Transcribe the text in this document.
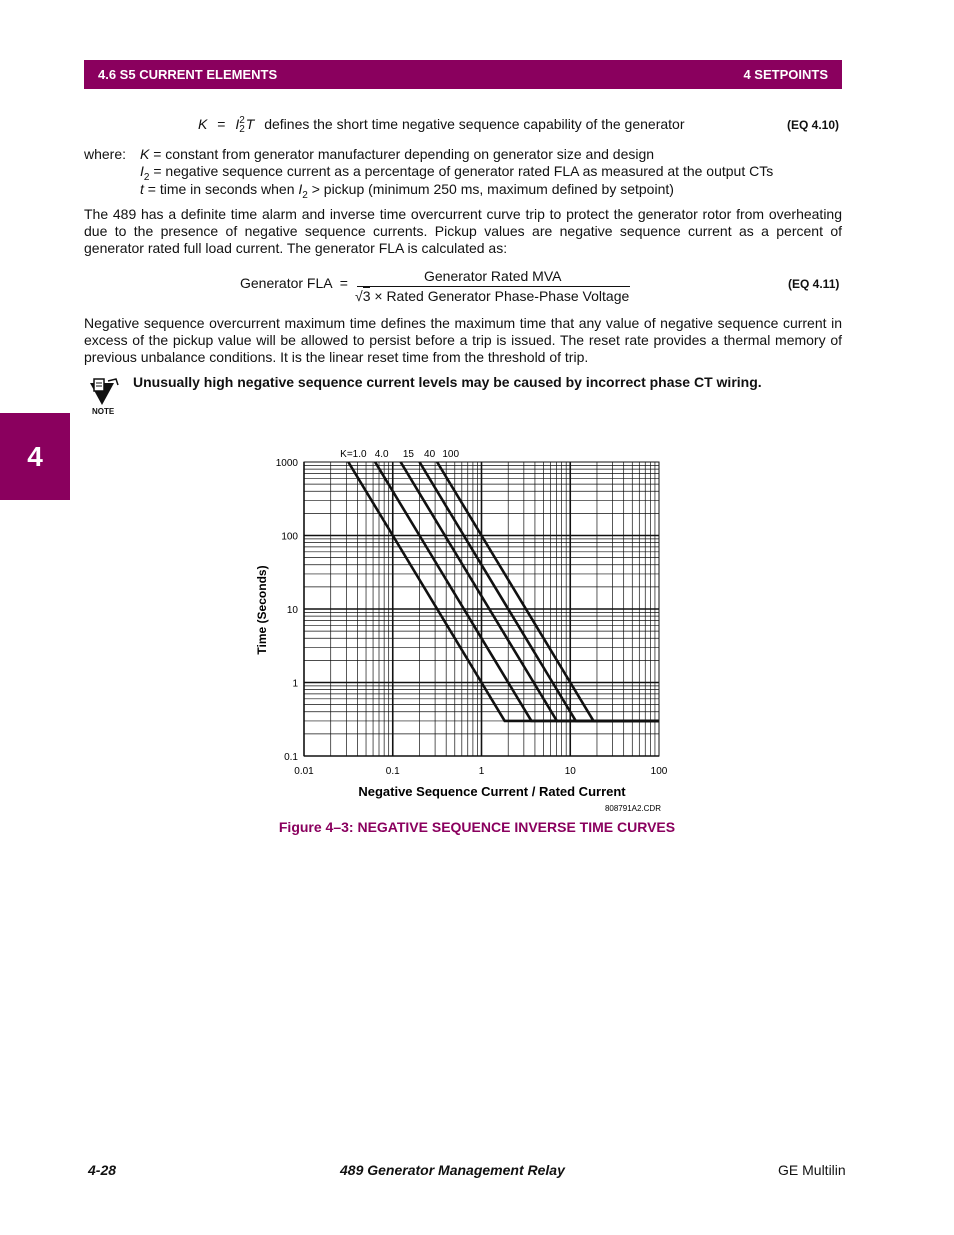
4.6 S5 CURRENT ELEMENTS	4 SETPOINTS
4
K = I 2
2 T defines the short time negative sequence capability of the generator	(EQ 4.10)
where: K = constant from generator manufacturer depending on generator size and design
$I_2$ = negative sequence current as a percentage of generator rated FLA as measured at the output CTs
t = time in seconds when $I_2$ > pickup (minimum 250 ms, maximum defined by setpoint)

The 489 has a definite time alarm and inverse time overcurrent curve trip to protect the generator rotor from overheating due to the presence of negative sequence currents. Pickup values are negative sequence current as a percent of generator rated full load current. The generator FLA is calculated as:

Generator FLA =	Generator Rated MVA
√3 × Rated Generator Phase-Phase Voltage
(EQ 4.11)

Negative sequence overcurrent maximum time defines the maximum time that any value of negative sequence current in excess of the pickup value will be allowed to persist before a trip is issued. The reset rate provides a thermal memory of previous unbalance conditions. It is the linear reset time from the threshold of trip.

NOTE
Unusually high negative sequence current levels may be caused by incorrect phase CT wiring.
0.01	0.1	1	10	100
1000
100
10
1
0.1
K=1.0 4.0 15 40 100
Time (Seconds)
Negative Sequence Current / Rated Current
808791A2.CDR
Figure 4–3: NEGATIVE SEQUENCE INVERSE TIME CURVES
4-28	489 Generator Management Relay	GE Multilin
